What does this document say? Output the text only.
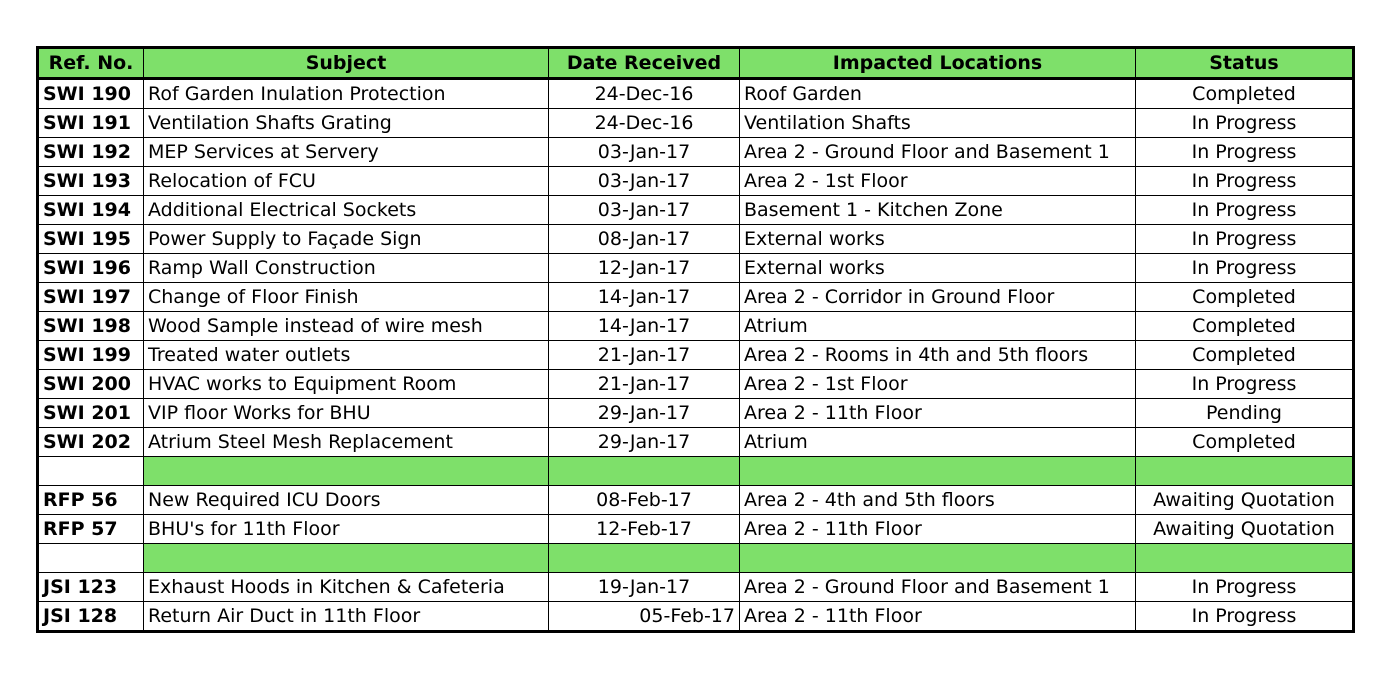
Ref. No.	Subject	Date Received	Impacted Locations	Status
SWI 190	Rof Garden Inulation Protection	24-Dec-16	Roof Garden	Completed
SWI 191	Ventilation Shafts Grating	24-Dec-16	Ventilation Shafts	In Progress
SWI 192	MEP Services at Servery	03-Jan-17	Area 2 - Ground Floor and Basement 1	In Progress
SWI 193	Relocation of FCU	03-Jan-17	Area 2 - 1st Floor	In Progress
SWI 194	Additional Electrical Sockets	03-Jan-17	Basement 1 - Kitchen Zone	In Progress
SWI 195	Power Supply to Façade Sign	08-Jan-17	External works	In Progress
SWI 196	Ramp Wall Construction	12-Jan-17	External works	In Progress
SWI 197	Change of Floor Finish	14-Jan-17	Area 2 - Corridor in Ground Floor	Completed
SWI 198	Wood Sample instead of wire mesh	14-Jan-17	Atrium	Completed
SWI 199	Treated water outlets	21-Jan-17	Area 2 - Rooms in 4th and 5th floors	Completed
SWI 200	HVAC works to Equipment Room	21-Jan-17	Area 2 - 1st Floor	In Progress
SWI 201	VIP floor Works for BHU	29-Jan-17	Area 2 - 11th Floor	Pending
SWI 202	Atrium Steel Mesh Replacement	29-Jan-17	Atrium	Completed

RFP 56	New Required ICU Doors	08-Feb-17	Area 2 - 4th and 5th floors	Awaiting Quotation
RFP 57	BHU's for 11th Floor	12-Feb-17	Area 2 - 11th Floor	Awaiting Quotation

JSI 123	Exhaust Hoods in Kitchen & Cafeteria	19-Jan-17	Area 2 - Ground Floor and Basement 1	In Progress
JSI 128	Return Air Duct in 11th Floor	05-Feb-17	Area 2 - 11th Floor	In Progress
